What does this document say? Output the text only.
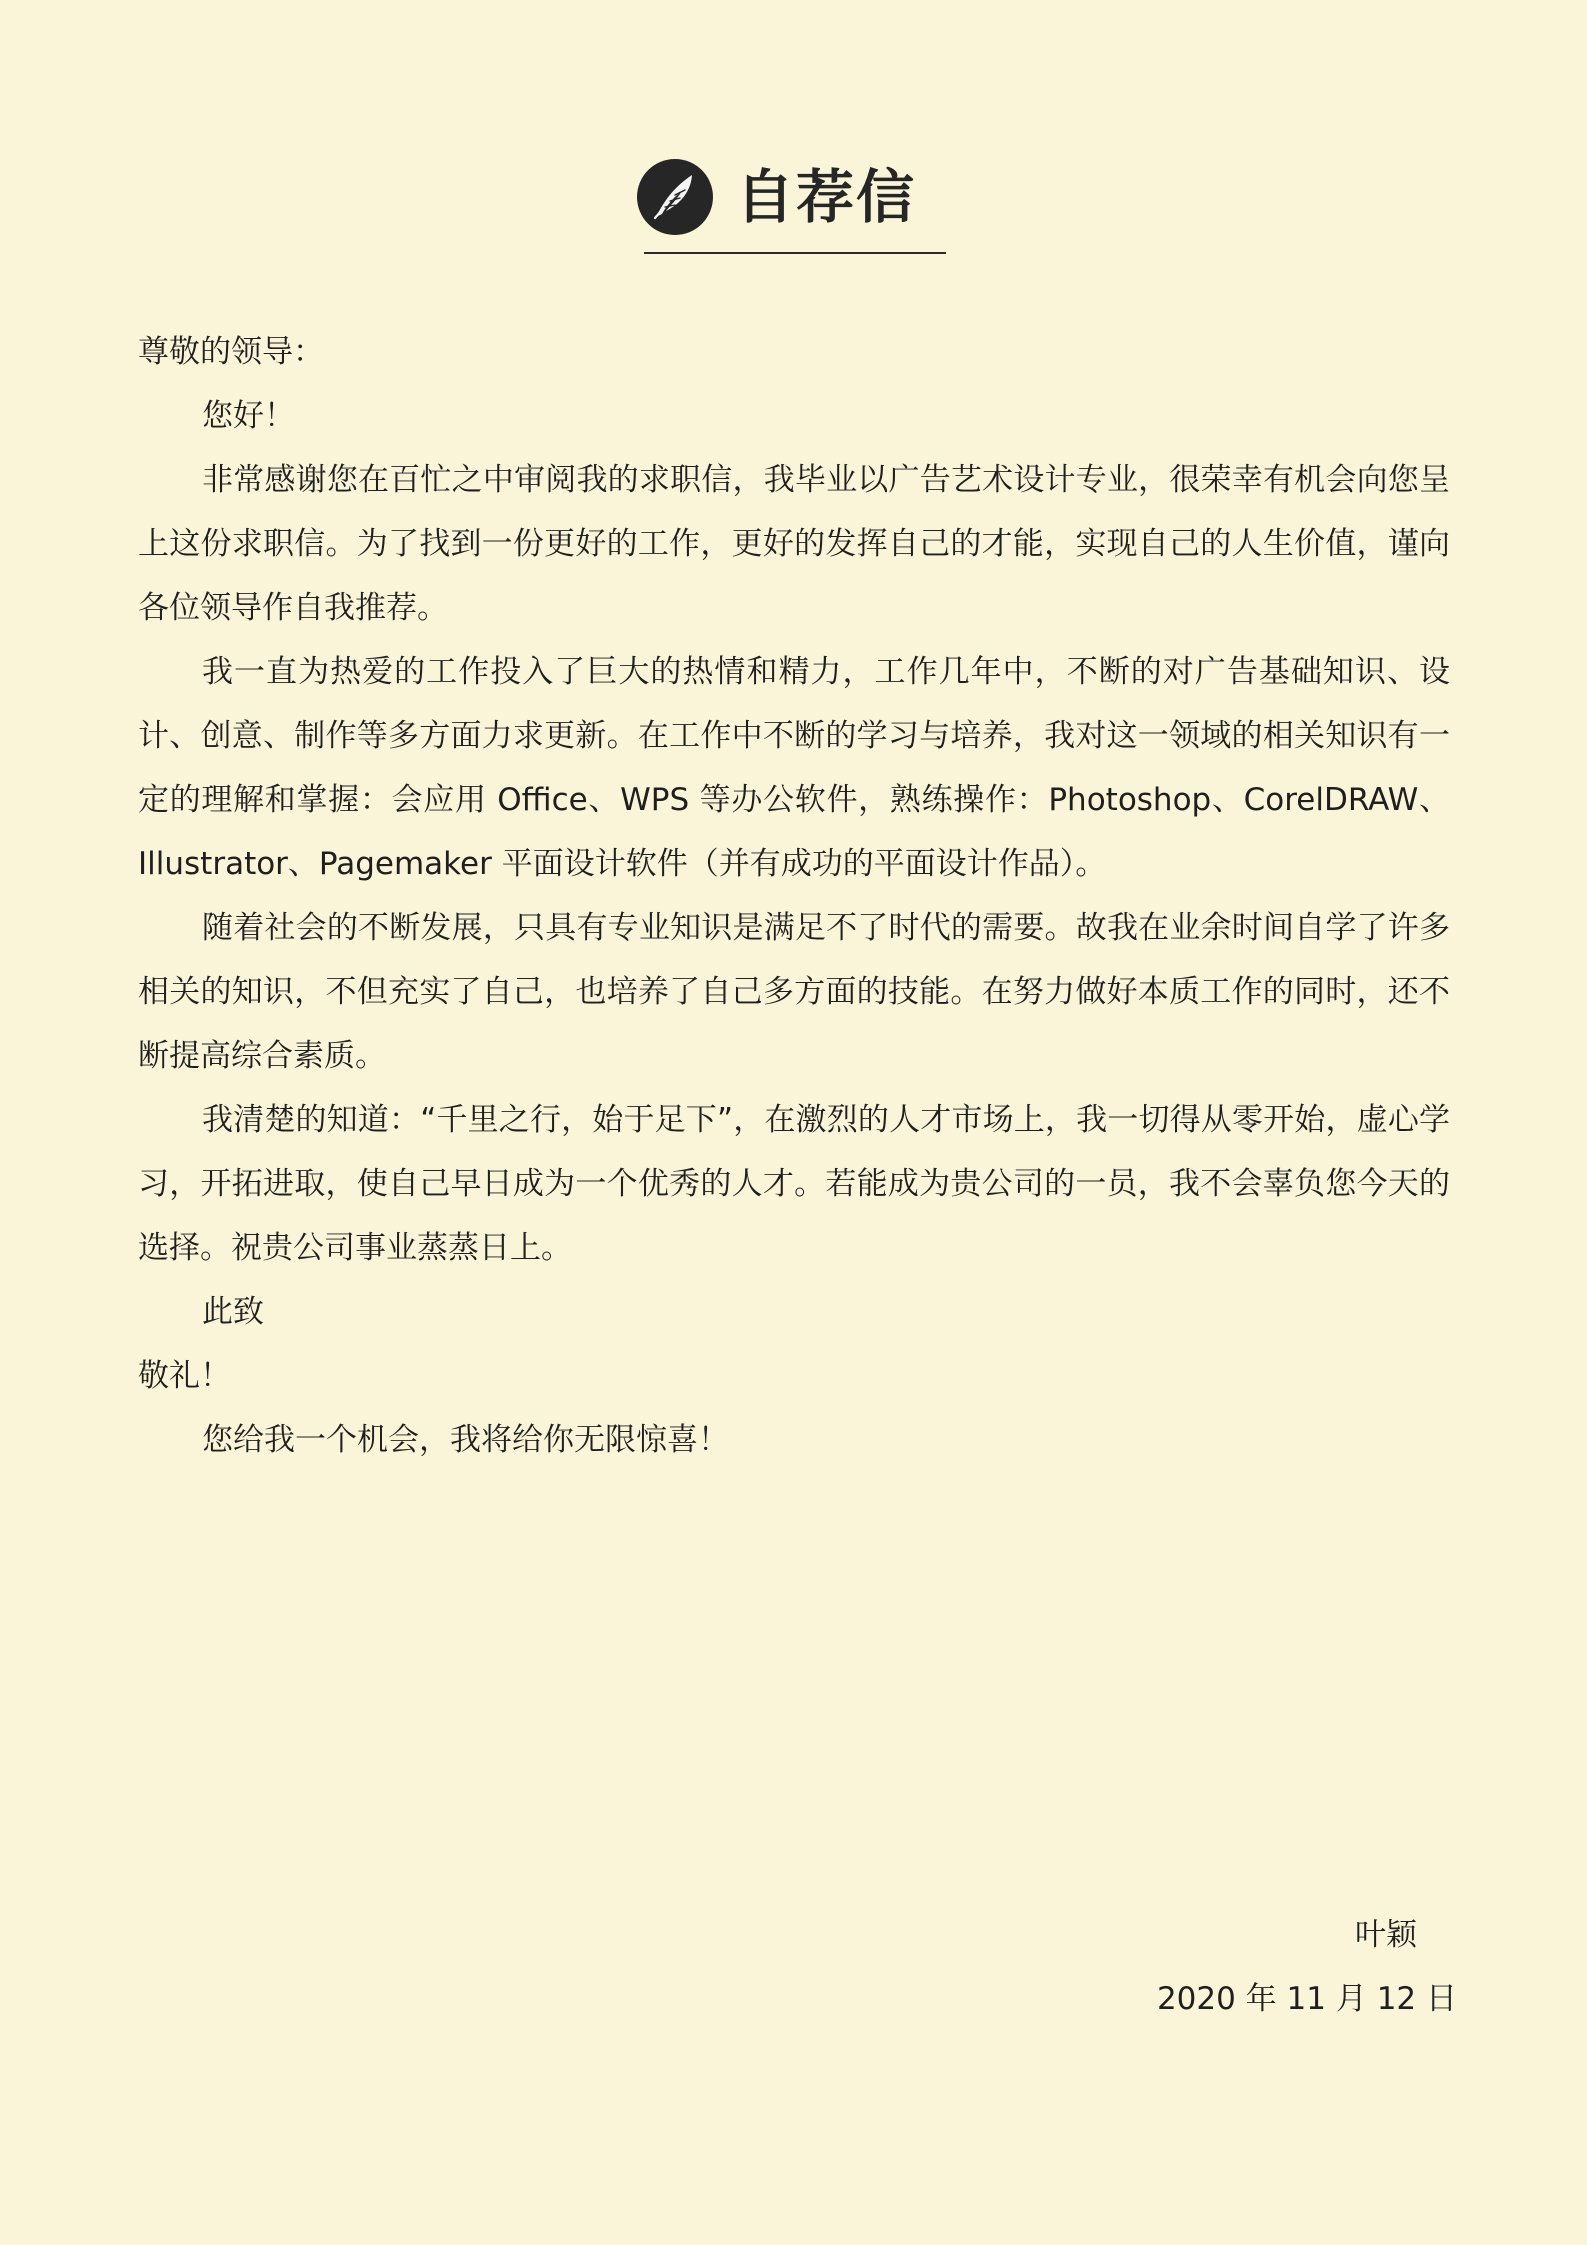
自荐信
尊敬的领导：
您好！

非常感谢您在百忙之中审阅我的求职信，我毕业以广告艺术设计专业，很荣幸有机会向您呈上这份求职信。为了找到一份更好的工作，更好的发挥自己的才能，实现自己的人生价值，谨向各位领导作自我推荐。

我一直为热爱的工作投入了巨大的热情和精力，工作几年中，不断的对广告基础知识、设计、创意、制作等多方面力求更新。在工作中不断的学习与培养，我对这一领域的相关知识有一定的理解和掌握：会应用 Office、WPS 等办公软件，熟练操作：Photoshop、CorelDRAW、Illustrator、Pagemaker 平面设计软件（并有成功的平面设计作品）。

随着社会的不断发展，只具有专业知识是满足不了时代的需要。故我在业余时间自学了许多相关的知识，不但充实了自己，也培养了自己多方面的技能。在努力做好本质工作的同时，还不断提高综合素质。

我清楚的知道：“千里之行，始于足下”，在激烈的人才市场上，我一切得从零开始，虚心学习，开拓进取，使自己早日成为一个优秀的人才。若能成为贵公司的一员，我不会辜负您今天的选择。祝贵公司事业蒸蒸日上。

此致
敬礼！
您给我一个机会，我将给你无限惊喜！
叶颖
2020 年 11 月 12 日
